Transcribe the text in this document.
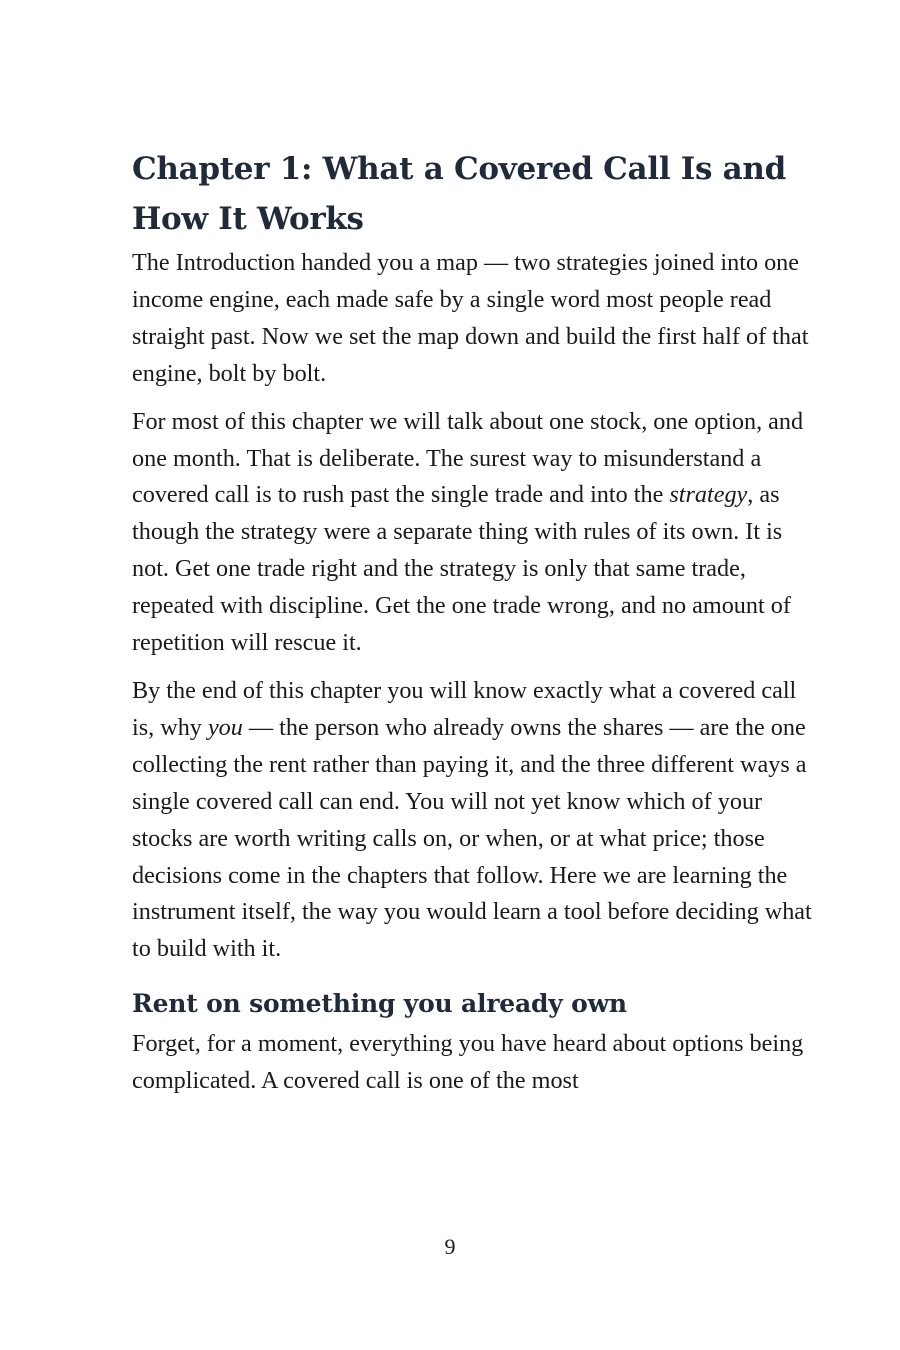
Chapter 1: What a Covered Call Is and
How It Works

The Introduction handed you a map — two strategies joined into one income engine, each made safe by a single word most people read straight past. Now we set the map down and build the first half of that engine, bolt by bolt.

For most of this chapter we will talk about one stock, one option, and one month. That is deliberate. The surest way to misunderstand a covered call is to rush past the single trade and into the strategy, as though the strategy were a separate thing with rules of its own. It is not. Get one trade right and the strategy is only that same trade, repeated with discipline. Get the one trade wrong, and no amount of repetition will rescue it.

By the end of this chapter you will know exactly what a covered call is, why you — the person who already owns the shares — are the one collecting the rent rather than paying it, and the three different ways a single covered call can end. You will not yet know which of your stocks are worth writing calls on, or when, or at what price; those decisions come in the chapters that follow. Here we are learning the instrument itself, the way you would learn a tool before deciding what to build with it.

Rent on something you already own

Forget, for a moment, everything you have heard about options being complicated. A covered call is one of the most

9
